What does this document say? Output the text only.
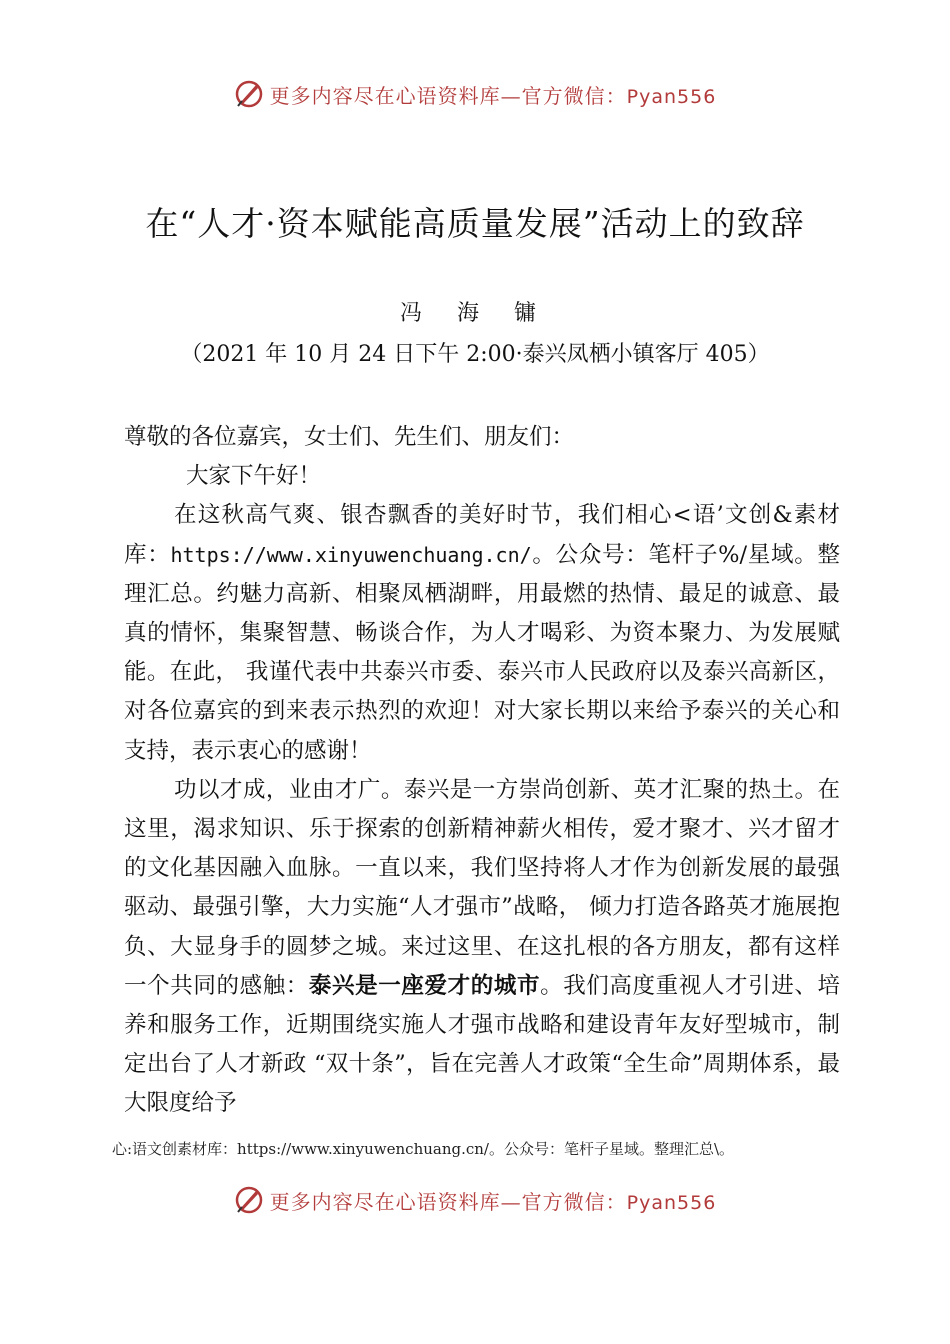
更多内容尽在心语资料库—官方微信：Pyan556
在“人才·资本赋能高质量发展”活动上的致辞
冯 海 镛
（2021 年 10 月 24 日下午 2:00·泰兴凤栖小镇客厅 405）

尊敬的各位嘉宾，女士们、先生们、朋友们：

大家下午好！

在这秋高气爽、银杏飘香的美好时节，我们相心<语’文创&素材库：https://www.xinyuwenchuang.cn/。公众号：笔杆子%/星域。整理汇总。约魅力高新、相聚凤栖湖畔，用最燃的热情、最足的诚意、最真的情怀，集聚智慧、畅谈合作，为人才喝彩、为资本聚力、为发展赋能。在此， 我谨代表中共泰兴市委、泰兴市人民政府以及泰兴高新区，对各位嘉宾的到来表示热烈的欢迎！对大家长期以来给予泰兴的关心和支持，表示衷心的感谢！

功以才成，业由才广。泰兴是一方崇尚创新、英才汇聚的热土。在这里，渴求知识、乐于探索的创新精神薪火相传，爱才聚才、兴才留才的文化基因融入血脉。一直以来，我们坚持将人才作为创新发展的最强驱动、最强引擎，大力实施“人才强市”战略， 倾力打造各路英才施展抱负、大显身手的圆梦之城。来过这里、在这扎根的各方朋友，都有这样一个共同的感触：泰兴是一座爱才的城市。我们高度重视人才引进、培养和服务工作，近期围绕实施人才强市战略和建设青年友好型城市，制定出台了人才新政 “双十条”，旨在完善人才政策“全生命”周期体系，最大限度给予

心:语文创素材库：https://www.xinyuwenchuang.cn/。公众号：笔杆子星域。整理汇总\。
更多内容尽在心语资料库—官方微信：Pyan556
